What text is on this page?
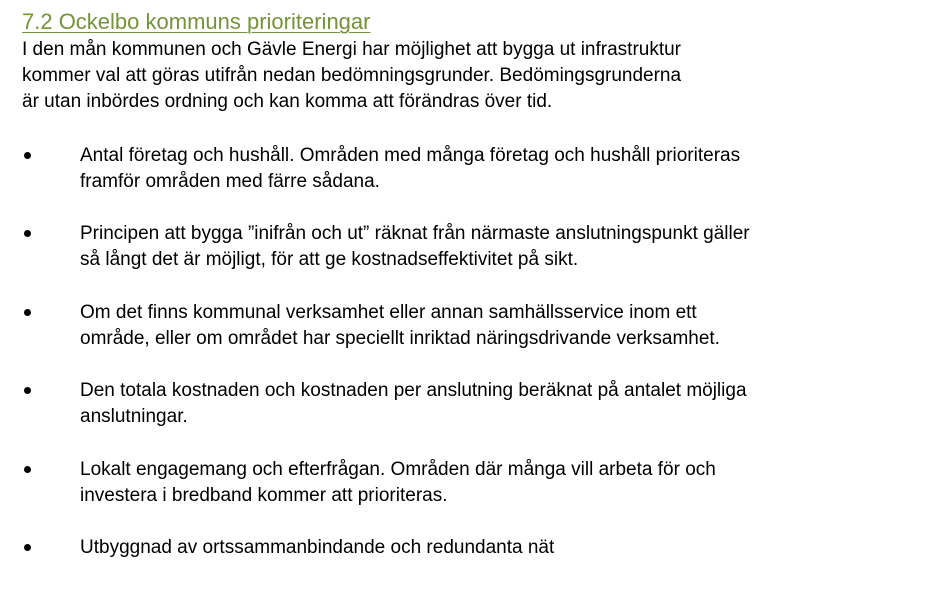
7.2 Ockelbo kommuns prioriteringar
I den mån kommunen och Gävle Energi har möjlighet att bygga ut infrastruktur
kommer val att göras utifrån nedan bedömningsgrunder. Bedömingsgrunderna
är utan inbördes ordning och kan komma att förändras över tid.
Antal företag och hushåll. Områden med många företag och hushåll prioriteras
framför områden med färre sådana.
Principen att bygga ”inifrån och ut” räknat från närmaste anslutningspunkt gäller
så långt det är möjligt, för att ge kostnadseffektivitet på sikt.
Om det finns kommunal verksamhet eller annan samhällsservice inom ett
område, eller om området har speciellt inriktad näringsdrivande verksamhet.
Den totala kostnaden och kostnaden per anslutning beräknat på antalet möjliga
anslutningar.
Lokalt engagemang och efterfrågan. Områden där många vill arbeta för och
investera i bredband kommer att prioriteras.
Utbyggnad av ortssammanbindande och redundanta nät
